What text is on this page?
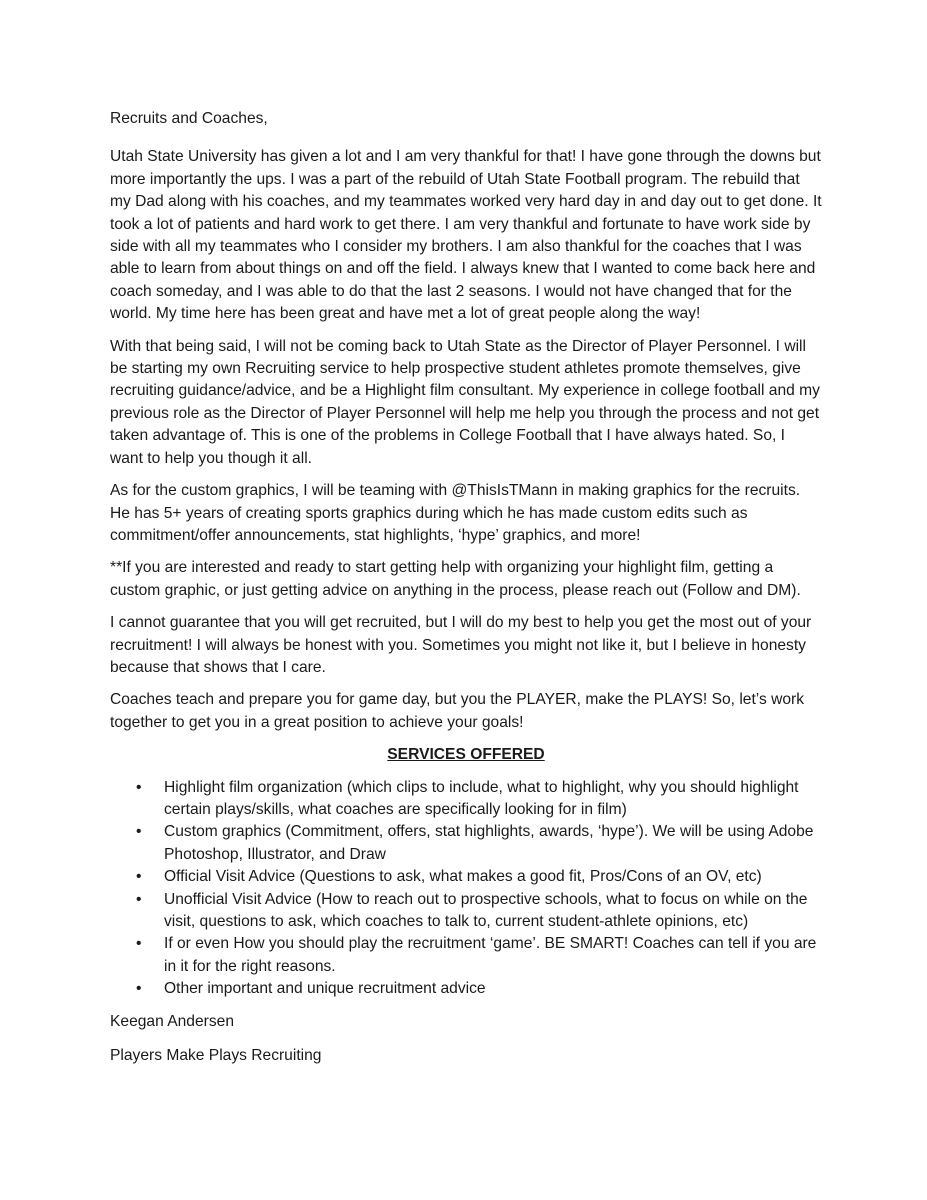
Recruits and Coaches,

Utah State University has given a lot and I am very thankful for that! I have gone through the downs but more importantly the ups. I was a part of the rebuild of Utah State Football program. The rebuild that my Dad along with his coaches, and my teammates worked very hard day in and day out to get done. It took a lot of patients and hard work to get there. I am very thankful and fortunate to have work side by side with all my teammates who I consider my brothers. I am also thankful for the coaches that I was able to learn from about things on and off the field. I always knew that I wanted to come back here and coach someday, and I was able to do that the last 2 seasons. I would not have changed that for the world. My time here has been great and have met a lot of great people along the way!

With that being said, I will not be coming back to Utah State as the Director of Player Personnel. I will be starting my own Recruiting service to help prospective student athletes promote themselves, give recruiting guidance/advice, and be a Highlight film consultant. My experience in college football and my previous role as the Director of Player Personnel will help me help you through the process and not get taken advantage of. This is one of the problems in College Football that I have always hated. So, I want to help you though it all.

As for the custom graphics, I will be teaming with @ThisIsTMann in making graphics for the recruits. He has 5+ years of creating sports graphics during which he has made custom edits such as commitment/offer announcements, stat highlights, ‘hype’ graphics, and more!

**If you are interested and ready to start getting help with organizing your highlight film, getting a custom graphic, or just getting advice on anything in the process, please reach out (Follow and DM).

I cannot guarantee that you will get recruited, but I will do my best to help you get the most out of your recruitment! I will always be honest with you. Sometimes you might not like it, but I believe in honesty because that shows that I care.

Coaches teach and prepare you for game day, but you the PLAYER, make the PLAYS! So, let’s work together to get you in a great position to achieve your goals!

SERVICES OFFERED
• Highlight film organization (which clips to include, what to highlight, why you should highlight certain plays/skills, what coaches are specifically looking for in film)
• Custom graphics (Commitment, offers, stat highlights, awards, ‘hype’). We will be using Adobe Photoshop, Illustrator, and Draw
• Official Visit Advice (Questions to ask, what makes a good fit, Pros/Cons of an OV, etc)
• Unofficial Visit Advice (How to reach out to prospective schools, what to focus on while on the visit, questions to ask, which coaches to talk to, current student-athlete opinions, etc)
• If or even How you should play the recruitment ‘game’. BE SMART! Coaches can tell if you are in it for the right reasons.
• Other important and unique recruitment advice

Keegan Andersen

Players Make Plays Recruiting
